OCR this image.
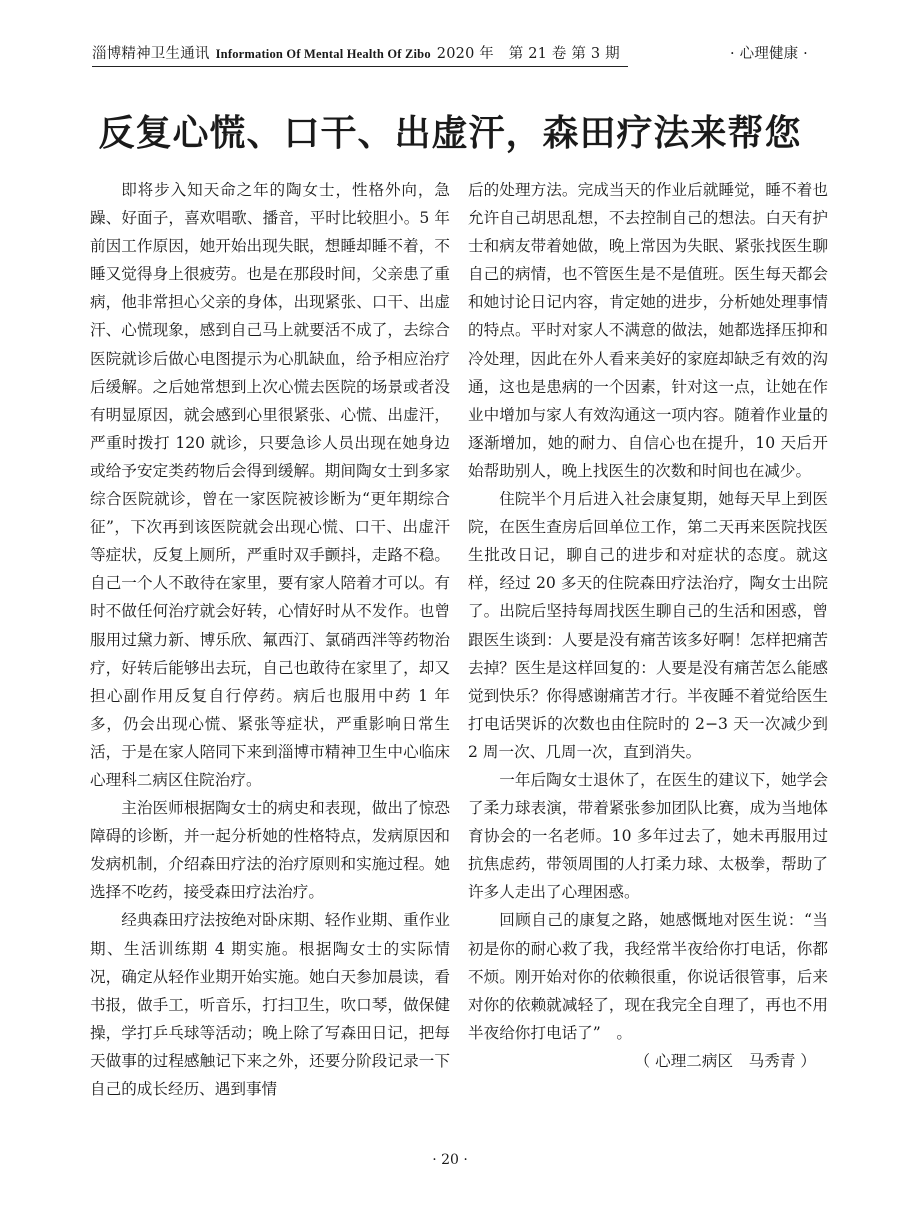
淄博精神卫生通讯 Information Of Mental Health Of Zibo 2020 年　第 21 卷 第 3 期	· 心理健康 ·
反复心慌、口干、出虚汗，森田疗法来帮您

即将步入知天命之年的陶女士，性格外向，急躁、好面子，喜欢唱歌、播音，平时比较胆小。5 年前因工作原因，她开始出现失眠，想睡却睡不着，不睡又觉得身上很疲劳。也是在那段时间，父亲患了重病，他非常担心父亲的身体，出现紧张、口干、出虚汗、心慌现象，感到自己马上就要活不成了，去综合医院就诊后做心电图提示为心肌缺血，给予相应治疗后缓解。之后她常想到上次心慌去医院的场景或者没有明显原因，就会感到心里很紧张、心慌、出虚汗，严重时拨打 120 就诊，只要急诊人员出现在她身边或给予安定类药物后会得到缓解。期间陶女士到多家综合医院就诊，曾在一家医院被诊断为“更年期综合征”，下次再到该医院就会出现心慌、口干、出虚汗等症状，反复上厕所，严重时双手颤抖，走路不稳。自己一个人不敢待在家里，要有家人陪着才可以。有时不做任何治疗就会好转，心情好时从不发作。也曾服用过黛力新、博乐欣、氟西汀、氯硝西泮等药物治疗，好转后能够出去玩，自己也敢待在家里了，却又担心副作用反复自行停药。病后也服用中药 1 年多，仍会出现心慌、紧张等症状，严重影响日常生活，于是在家人陪同下来到淄博市精神卫生中心临床心理科二病区住院治疗。

主治医师根据陶女士的病史和表现，做出了惊恐障碍的诊断，并一起分析她的性格特点，发病原因和发病机制，介绍森田疗法的治疗原则和实施过程。她选择不吃药，接受森田疗法治疗。

经典森田疗法按绝对卧床期、轻作业期、重作业期、生活训练期 4 期实施。根据陶女士的实际情况，确定从轻作业期开始实施。她白天参加晨读，看书报，做手工，听音乐，打扫卫生，吹口琴，做保健操，学打乒乓球等活动；晚上除了写森田日记，把每天做事的过程感触记下来之外，还要分阶段记录一下自己的成长经历、遇到事情

后的处理方法。完成当天的作业后就睡觉，睡不着也允许自己胡思乱想，不去控制自己的想法。白天有护士和病友带着她做，晚上常因为失眠、紧张找医生聊自己的病情，也不管医生是不是值班。医生每天都会和她讨论日记内容，肯定她的进步，分析她处理事情的特点。平时对家人不满意的做法，她都选择压抑和冷处理，因此在外人看来美好的家庭却缺乏有效的沟通，这也是患病的一个因素，针对这一点，让她在作业中增加与家人有效沟通这一项内容。随着作业量的逐渐增加，她的耐力、自信心也在提升，10 天后开始帮助别人，晚上找医生的次数和时间也在减少。

住院半个月后进入社会康复期，她每天早上到医院，在医生查房后回单位工作，第二天再来医院找医生批改日记，聊自己的进步和对症状的态度。就这样，经过 20 多天的住院森田疗法治疗，陶女士出院了。出院后坚持每周找医生聊自己的生活和困惑，曾跟医生谈到：人要是没有痛苦该多好啊！怎样把痛苦去掉？医生是这样回复的：人要是没有痛苦怎么能感觉到快乐？你得感谢痛苦才行。半夜睡不着觉给医生打电话哭诉的次数也由住院时的 2−3 天一次减少到 2 周一次、几周一次，直到消失。

一年后陶女士退休了，在医生的建议下，她学会了柔力球表演，带着紧张参加团队比赛，成为当地体育协会的一名老师。10 多年过去了，她未再服用过抗焦虑药，带领周围的人打柔力球、太极拳，帮助了许多人走出了心理困惑。

回顾自己的康复之路，她感慨地对医生说：“当初是你的耐心救了我，我经常半夜给你打电话，你都不烦。刚开始对你的依赖很重，你说话很管事，后来对你的依赖就减轻了，现在我完全自理了，再也不用半夜给你打电话了”　。

（ 心理二病区　马秀青 ）

· 20 ·
